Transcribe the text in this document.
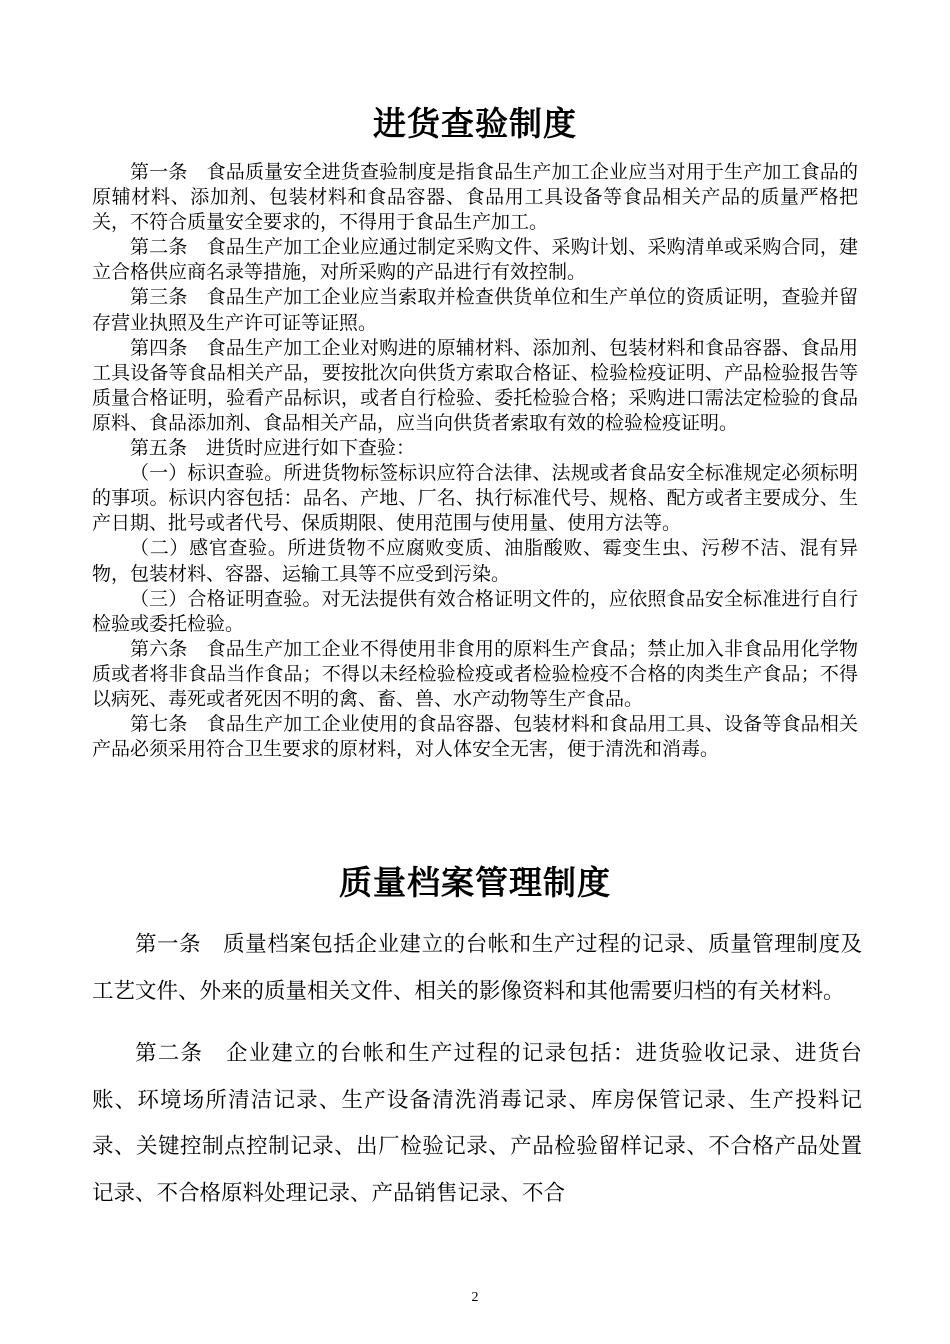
进货查验制度

第一条　食品质量安全进货查验制度是指食品生产加工企业应当对用于生产加工食品的原辅材料、添加剂、包装材料和食品容器、食品用工具设备等食品相关产品的质量严格把关，不符合质量安全要求的，不得用于食品生产加工。

第二条　食品生产加工企业应通过制定采购文件、采购计划、采购清单或采购合同，建立合格供应商名录等措施，对所采购的产品进行有效控制。

第三条　食品生产加工企业应当索取并检查供货单位和生产单位的资质证明，查验并留存营业执照及生产许可证等证照。

第四条　食品生产加工企业对购进的原辅材料、添加剂、包装材料和食品容器、食品用工具设备等食品相关产品，要按批次向供货方索取合格证、检验检疫证明、产品检验报告等质量合格证明，验看产品标识，或者自行检验、委托检验合格；采购进口需法定检验的食品原料、食品添加剂、食品相关产品，应当向供货者索取有效的检验检疫证明。

第五条　进货时应进行如下查验：

（一）标识查验。所进货物标签标识应符合法律、法规或者食品安全标准规定必须标明的事项。标识内容包括：品名、产地、厂名、执行标准代号、规格、配方或者主要成分、生产日期、批号或者代号、保质期限、使用范围与使用量、使用方法等。

（二）感官查验。所进货物不应腐败变质、油脂酸败、霉变生虫、污秽不洁、混有异物，包装材料、容器、运输工具等不应受到污染。

（三）合格证明查验。对无法提供有效合格证明文件的，应依照食品安全标准进行自行检验或委托检验。

第六条　食品生产加工企业不得使用非食用的原料生产食品；禁止加入非食品用化学物质或者将非食品当作食品；不得以未经检验检疫或者检验检疫不合格的肉类生产食品；不得以病死、毒死或者死因不明的禽、畜、兽、水产动物等生产食品。

第七条　食品生产加工企业使用的食品容器、包装材料和食品用工具、设备等食品相关产品必须采用符合卫生要求的原材料，对人体安全无害，便于清洗和消毒。

质量档案管理制度

第一条　质量档案包括企业建立的台帐和生产过程的记录、质量管理制度及工艺文件、外来的质量相关文件、相关的影像资料和其他需要归档的有关材料。

第二条　企业建立的台帐和生产过程的记录包括：进货验收记录、进货台账、环境场所清洁记录、生产设备清洗消毒记录、库房保管记录、生产投料记录、关键控制点控制记录、出厂检验记录、产品检验留样记录、不合格产品处置记录、不合格原料处理记录、产品销售记录、不合

2
